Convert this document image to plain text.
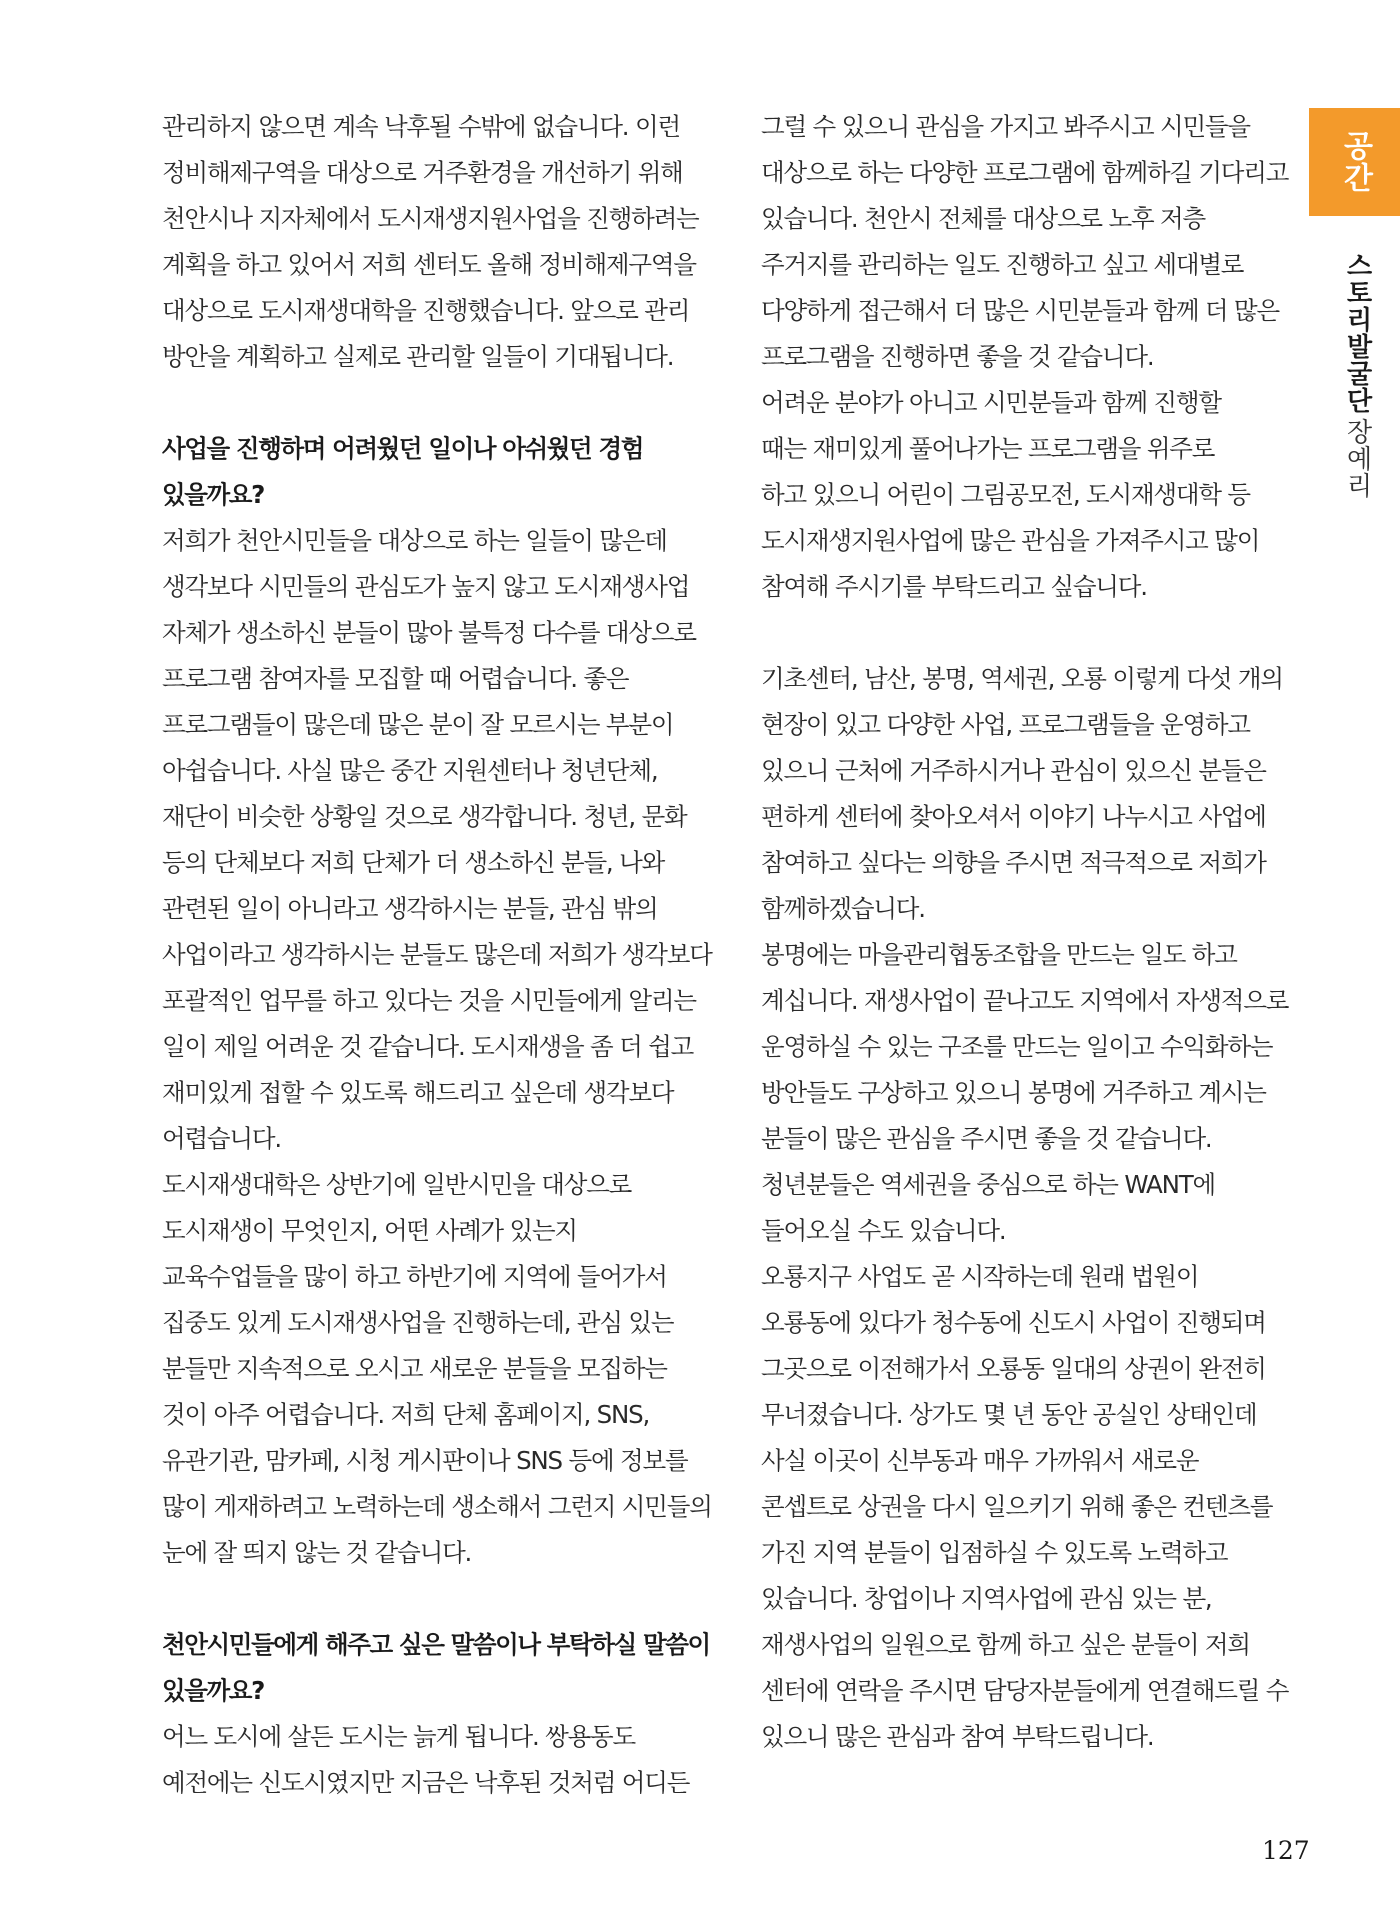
관리하지 않으면 계속 낙후될 수밖에 없습니다. 이런
정비해제구역을 대상으로 거주환경을 개선하기 위해
천안시나 지자체에서 도시재생지원사업을 진행하려는
계획을 하고 있어서 저희 센터도 올해 정비해제구역을
대상으로 도시재생대학을 진행했습니다. 앞으로 관리
방안을 계획하고 실제로 관리할 일들이 기대됩니다.

사업을 진행하며 어려웠던 일이나 아쉬웠던 경험
있을까요?

저희가 천안시민들을 대상으로 하는 일들이 많은데
생각보다 시민들의 관심도가 높지 않고 도시재생사업
자체가 생소하신 분들이 많아 불특정 다수를 대상으로
프로그램 참여자를 모집할 때 어렵습니다. 좋은
프로그램들이 많은데 많은 분이 잘 모르시는 부분이
아쉽습니다. 사실 많은 중간 지원센터나 청년단체,
재단이 비슷한 상황일 것으로 생각합니다. 청년, 문화
등의 단체보다 저희 단체가 더 생소하신 분들, 나와
관련된 일이 아니라고 생각하시는 분들, 관심 밖의
사업이라고 생각하시는 분들도 많은데 저희가 생각보다
포괄적인 업무를 하고 있다는 것을 시민들에게 알리는
일이 제일 어려운 것 같습니다. 도시재생을 좀 더 쉽고
재미있게 접할 수 있도록 해드리고 싶은데 생각보다
어렵습니다.

도시재생대학은 상반기에 일반시민을 대상으로
도시재생이 무엇인지, 어떤 사례가 있는지
교육수업들을 많이 하고 하반기에 지역에 들어가서
집중도 있게 도시재생사업을 진행하는데, 관심 있는
분들만 지속적으로 오시고 새로운 분들을 모집하는
것이 아주 어렵습니다. 저희 단체 홈페이지, SNS,
유관기관, 맘카페, 시청 게시판이나 SNS 등에 정보를
많이 게재하려고 노력하는데 생소해서 그런지 시민들의
눈에 잘 띄지 않는 것 같습니다.

천안시민들에게 해주고 싶은 말씀이나 부탁하실 말씀이
있을까요?

어느 도시에 살든 도시는 늙게 됩니다. 쌍용동도
예전에는 신도시였지만 지금은 낙후된 것처럼 어디든

그럴 수 있으니 관심을 가지고 봐주시고 시민들을
대상으로 하는 다양한 프로그램에 함께하길 기다리고
있습니다. 천안시 전체를 대상으로 노후 저층
주거지를 관리하는 일도 진행하고 싶고 세대별로
다양하게 접근해서 더 많은 시민분들과 함께 더 많은
프로그램을 진행하면 좋을 것 같습니다.

어려운 분야가 아니고 시민분들과 함께 진행할
때는 재미있게 풀어나가는 프로그램을 위주로
하고 있으니 어린이 그림공모전, 도시재생대학 등
도시재생지원사업에 많은 관심을 가져주시고 많이
참여해 주시기를 부탁드리고 싶습니다.

기초센터, 남산, 봉명, 역세권, 오룡 이렇게 다섯 개의
현장이 있고 다양한 사업, 프로그램들을 운영하고
있으니 근처에 거주하시거나 관심이 있으신 분들은
편하게 센터에 찾아오셔서 이야기 나누시고 사업에
참여하고 싶다는 의향을 주시면 적극적으로 저희가
함께하겠습니다.

봉명에는 마을관리협동조합을 만드는 일도 하고
계십니다. 재생사업이 끝나고도 지역에서 자생적으로
운영하실 수 있는 구조를 만드는 일이고 수익화하는
방안들도 구상하고 있으니 봉명에 거주하고 계시는
분들이 많은 관심을 주시면 좋을 것 같습니다.

청년분들은 역세권을 중심으로 하는 WANT에
들어오실 수도 있습니다.

오룡지구 사업도 곧 시작하는데 원래 법원이
오룡동에 있다가 청수동에 신도시 사업이 진행되며
그곳으로 이전해가서 오룡동 일대의 상권이 완전히
무너졌습니다. 상가도 몇 년 동안 공실인 상태인데
사실 이곳이 신부동과 매우 가까워서 새로운
콘셉트로 상권을 다시 일으키기 위해 좋은 컨텐츠를
가진 지역 분들이 입점하실 수 있도록 노력하고
있습니다. 창업이나 지역사업에 관심 있는 분,
재생사업의 일원으로 함께 하고 싶은 분들이 저희
센터에 연락을 주시면 담당자분들에게 연결해드릴 수
있으니 많은 관심과 참여 부탁드립니다.

공간
스토리발굴단
장예리
127
